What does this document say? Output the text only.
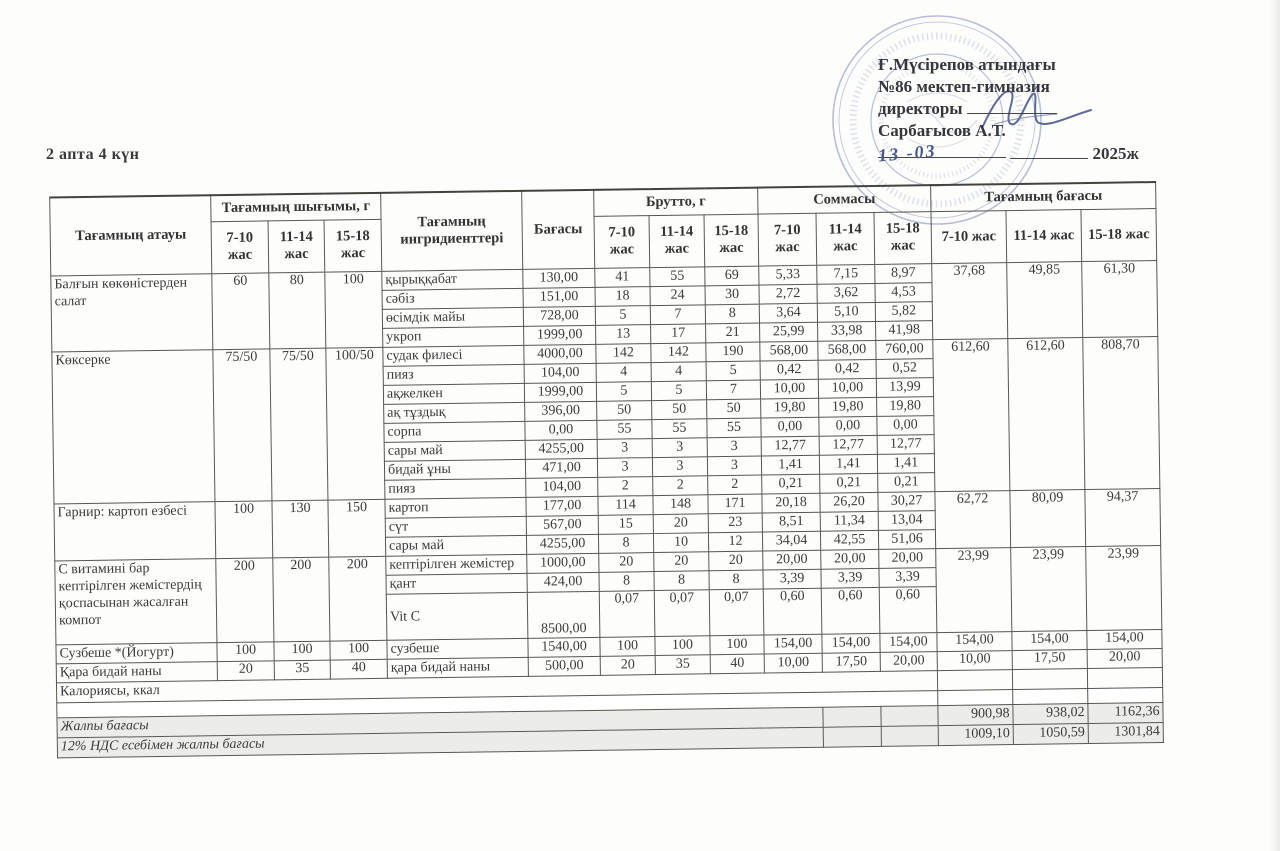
2 апта 4 күн
Ғ.Мүсірепов атындағы
№86 мектеп-гимназия
директоры
Сарбағысов А.Т.
13 -03	2025ж
Тағамның атауы	Тағамның шығымы, г			Тағамның ингридиенттері	Бағасы	Брутто, г			Соммасы			Тағамның бағасы		
	7-10 жас	11-14 жас	15-18 жас			7-10 жас	11-14 жас	15-18 жас	7-10 жас	11-14 жас	15-18 жас	7-10 жас	11-14 жас	15-18 жас
Балғын көкөністерден салат	60	80	100	қырыққабат	130,00	41	55	69	5,33	7,15	8,97	37,68	49,85	61,30
				сәбіз	151,00	18	24	30	2,72	3,62	4,53			
				өсімдік майы	728,00	5	7	8	3,64	5,10	5,82			
				укроп	1999,00	13	17	21	25,99	33,98	41,98			
Көксерке	75/50	75/50	100/50	судак филесі	4000,00	142	142	190	568,00	568,00	760,00	612,60	612,60	808,70
				пияз	104,00	4	4	5	0,42	0,42	0,52			
				ақжелкен	1999,00	5	5	7	10,00	10,00	13,99			
				ақ тұздық	396,00	50	50	50	19,80	19,80	19,80			
				сорпа	0,00	55	55	55	0,00	0,00	0,00			
				сары май	4255,00	3	3	3	12,77	12,77	12,77			
				бидай ұны	471,00	3	3	3	1,41	1,41	1,41			
				пияз	104,00	2	2	2	0,21	0,21	0,21			
Гарнир: картоп езбесі	100	130	150	картоп	177,00	114	148	171	20,18	26,20	30,27	62,72	80,09	94,37
				сүт	567,00	15	20	23	8,51	11,34	13,04			
				сары май	4255,00	8	10	12	34,04	42,55	51,06			
С витамині бар кептірілген жемістердің қоспасынан жасалған компот	200	200	200	кептірілген жемістер	1000,00	20	20	20	20,00	20,00	20,00	23,99	23,99	23,99
				қант	424,00	8	8	8	3,39	3,39	3,39			
				Vit C	8500,00	0,07	0,07	0,07	0,60	0,60	0,60			
Сузбеше *(Йогурт)	100	100	100	сузбеше	1540,00	100	100	100	154,00	154,00	154,00	154,00	154,00	154,00
Қара бидай наны	20	35	40	қара бидай наны	500,00	20	35	40	10,00	17,50	20,00	10,00	17,50	20,00
Калориясы, ккал														

Жалпы бағасы												900,98	938,02	1162,36
12% НДС есебімен жалпы бағасы												1009,10	1050,59	1301,84
